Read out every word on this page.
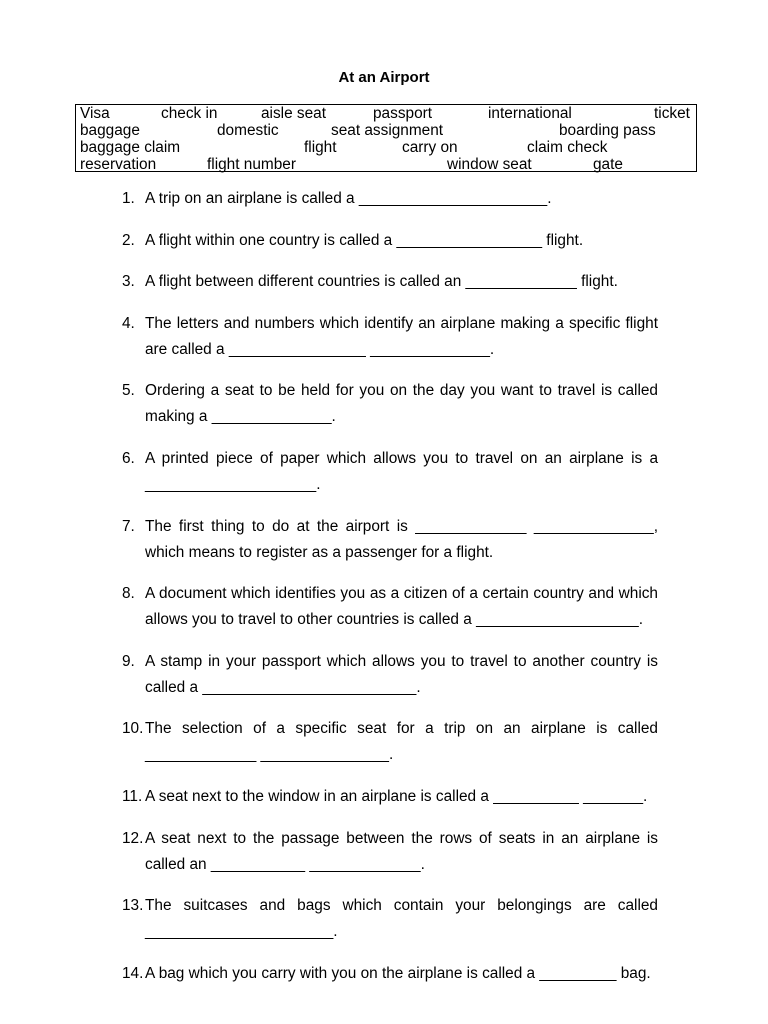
At an Airport
Visa	check in	aisle seat	passport	international	ticket
baggage	domestic	seat assignment	boarding pass
baggage claim	flight	carry on	claim check
reservation	flight number	window seat	gate
1. A trip on an airplane is called a ______________________.
2. A flight within one country is called a _________________ flight.
3. A flight between different countries is called an _____________ flight.
4. The letters and numbers which identify an airplane making a specific flight
are called a ________________ ______________.
5. Ordering a seat to be held for you on the day you want to travel is called
making a ______________.
6. A printed piece of paper which allows you to travel on an airplane is a
____________________.
7. The first thing to do at the airport is _____________ ______________,
which means to register as a passenger for a flight.
8. A document which identifies you as a citizen of a certain country and which
allows you to travel to other countries is called a ___________________.
9. A stamp in your passport which allows you to travel to another country is
called a _________________________.
10. The selection of a specific seat for a trip on an airplane is called
_____________ _______________.
11. A seat next to the window in an airplane is called a __________ _______.
12. A seat next to the passage between the rows of seats in an airplane is
called an ___________ _____________.
13. The suitcases and bags which contain your belongings are called
______________________.
14. A bag which you carry with you on the airplane is called a _________ bag.
